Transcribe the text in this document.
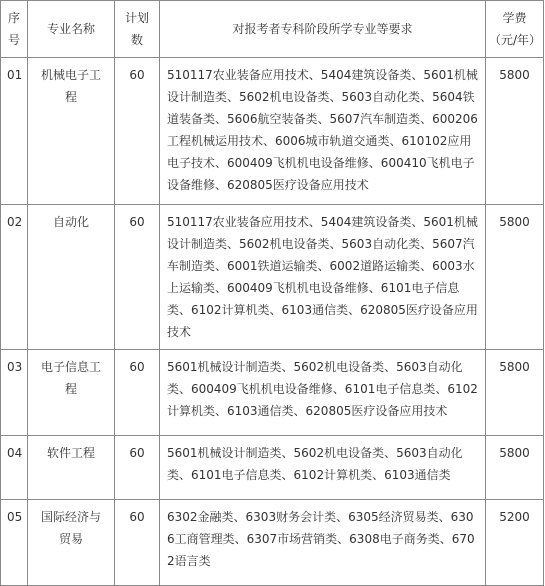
序号	专业名称	计划数	对报考者专科阶段所学专业等要求	学费（元/年）
01	机械电子工程	60	510117农业装备应用技术、5404建筑设备类、5601机械设计制造类、5602机电设备类、5603自动化类、5604铁道装备类、5606航空装备类、5607汽车制造类、600206工程机械运用技术、6006城市轨道交通类、610102应用电子技术、600409飞机机电设备维修、600410飞机电子设备维修、620805医疗设备应用技术	5800
02	自动化	60	510117农业装备应用技术、5404建筑设备类、5601机械设计制造类、5602机电设备类、5603自动化类、5607汽车制造类、6001铁道运输类、6002道路运输类、6003水上运输类、600409飞机机电设备维修、6101电子信息类、6102计算机类、6103通信类、620805医疗设备应用技术	5800
03	电子信息工程	60	5601机械设计制造类、5602机电设备类、5603自动化类、600409飞机机电设备维修、6101电子信息类、6102计算机类、6103通信类、620805医疗设备应用技术	5800
04	软件工程	60	5601机械设计制造类、5602机电设备类、5603自动化类、6101电子信息类、6102计算机类、6103通信类	5800
05	国际经济与贸易	60	6302金融类、6303财务会计类、6305经济贸易类、6306工商管理类、6307市场营销类、6308电子商务类、6702语言类	5200
